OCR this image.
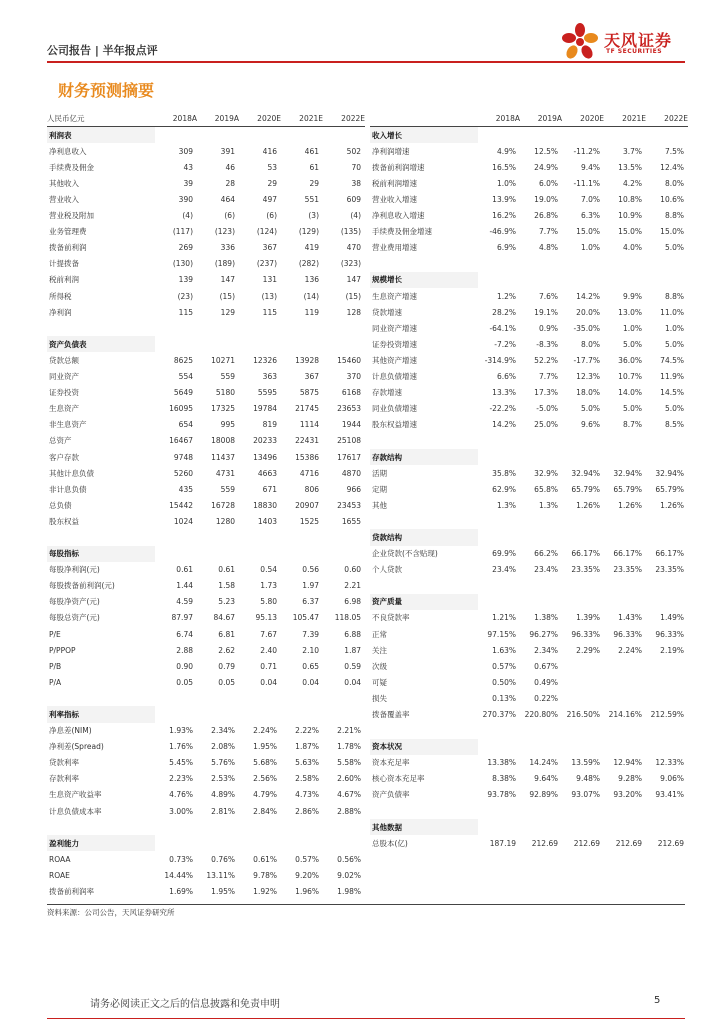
公司报告 | 半年报点评
天风证券
TF SECURITIES
财务预测摘要
人民币亿元	2018A	2019A	2020E	2021E	2022E
利润表					
净利息收入	309	391	416	461	502
手续费及佣金	43	46	53	61	70
其他收入	39	28	29	29	38
营业收入	390	464	497	551	609
营业税及附加	(4)	(6)	(6)	(3)	(4)
业务管理费	(117)	(123)	(124)	(129)	(135)
拨备前利润	269	336	367	419	470
计提拨备	(130)	(189)	(237)	(282)	(323)
税前利润	139	147	131	136	147
所得税	(23)	(15)	(13)	(14)	(15)
净利润	115	129	115	119	128

资产负债表					
贷款总额	8625	10271	12326	13928	15460
同业资产	554	559	363	367	370
证券投资	5649	5180	5595	5875	6168
生息资产	16095	17325	19784	21745	23653
非生息资产	654	995	819	1114	1944
总资产	16467	18008	20233	22431	25108
客户存款	9748	11437	13496	15386	17617
其他计息负债	5260	4731	4663	4716	4870
非计息负债	435	559	671	806	966
总负债	15442	16728	18830	20907	23453
股东权益	1024	1280	1403	1525	1655

每股指标					
每股净利润(元)	0.61	0.61	0.54	0.56	0.60
每股拨备前利润(元)	1.44	1.58	1.73	1.97	2.21
每股净资产(元)	4.59	5.23	5.80	6.37	6.98
每股总资产(元)	87.97	84.67	95.13	105.47	118.05
P/E	6.74	6.81	7.67	7.39	6.88
P/PPOP	2.88	2.62	2.40	2.10	1.87
P/B	0.90	0.79	0.71	0.65	0.59
P/A	0.05	0.05	0.04	0.04	0.04

利率指标					
净息差(NIM)	1.93%	2.34%	2.24%	2.22%	2.21%
净利差(Spread)	1.76%	2.08%	1.95%	1.87%	1.78%
贷款利率	5.45%	5.76%	5.68%	5.63%	5.58%
存款利率	2.23%	2.53%	2.56%	2.58%	2.60%
生息资产收益率	4.76%	4.89%	4.79%	4.73%	4.67%
计息负债成本率	3.00%	2.81%	2.84%	2.86%	2.88%

盈利能力					
ROAA	0.73%	0.76%	0.61%	0.57%	0.56%
ROAE	14.44%	13.11%	9.78%	9.20%	9.02%
拨备前利润率	1.69%	1.95%	1.92%	1.96%	1.98%
	2018A	2019A	2020E	2021E	2022E
收入增长					
净利润增速	4.9%	12.5%	-11.2%	3.7%	7.5%
拨备前利润增速	16.5%	24.9%	9.4%	13.5%	12.4%
税前利润增速	1.0%	6.0%	-11.1%	4.2%	8.0%
营业收入增速	13.9%	19.0%	7.0%	10.8%	10.6%
净利息收入增速	16.2%	26.8%	6.3%	10.9%	8.8%
手续费及佣金增速	-46.9%	7.7%	15.0%	15.0%	15.0%
营业费用增速	6.9%	4.8%	1.0%	4.0%	5.0%

规模增长					
生息资产增速	1.2%	7.6%	14.2%	9.9%	8.8%
贷款增速	28.2%	19.1%	20.0%	13.0%	11.0%
同业资产增速	-64.1%	0.9%	-35.0%	1.0%	1.0%
证券投资增速	-7.2%	-8.3%	8.0%	5.0%	5.0%
其他资产增速	-314.9%	52.2%	-17.7%	36.0%	74.5%
计息负债增速	6.6%	7.7%	12.3%	10.7%	11.9%
存款增速	13.3%	17.3%	18.0%	14.0%	14.5%
同业负债增速	-22.2%	-5.0%	5.0%	5.0%	5.0%
股东权益增速	14.2%	25.0%	9.6%	8.7%	8.5%

存款结构					
活期	35.8%	32.9%	32.94%	32.94%	32.94%
定期	62.9%	65.8%	65.79%	65.79%	65.79%
其他	1.3%	1.3%	1.26%	1.26%	1.26%

贷款结构					
企业贷款(不含贴现)	69.9%	66.2%	66.17%	66.17%	66.17%
个人贷款	23.4%	23.4%	23.35%	23.35%	23.35%

资产质量					
不良贷款率	1.21%	1.38%	1.39%	1.43%	1.49%
正常	97.15%	96.27%	96.33%	96.33%	96.33%
关注	1.63%	2.34%	2.29%	2.24%	2.19%
次级	0.57%	0.67%			
可疑	0.50%	0.49%			
损失	0.13%	0.22%			
拨备覆盖率	270.37%	220.80%	216.50%	214.16%	212.59%

资本状况					
资本充足率	13.38%	14.24%	13.59%	12.94%	12.33%
核心资本充足率	8.38%	9.64%	9.48%	9.28%	9.06%
资产负债率	93.78%	92.89%	93.07%	93.20%	93.41%

其他数据					
总股本(亿)	187.19	212.69	212.69	212.69	212.69
资料来源：公司公告，天风证券研究所
请务必阅读正文之后的信息披露和免责申明	5
